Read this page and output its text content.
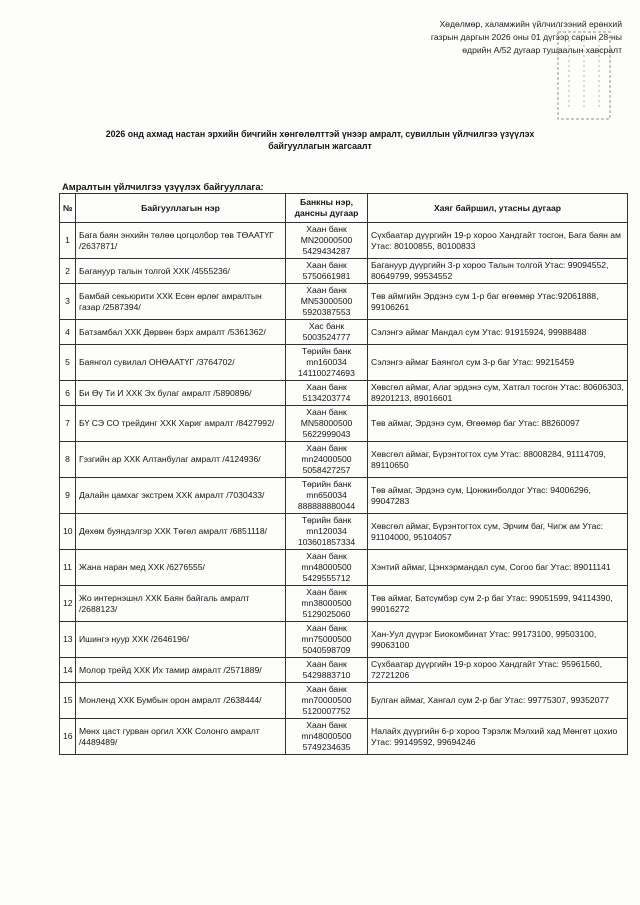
Хөдөлмөр, халамжийн үйлчилгээний ерөнхий
газрын даргын 2026 оны 01 дүгээр сарын 28-ны
өдрийн А/52 дугаар тушаалын хавсралт
2026 онд ахмад настан эрхийн бичгийн хөнгөлөлттэй үнээр амралт, сувиллын үйлчилгээ үзүүлэх
байгууллагын жагсаалт
Амралтын үйлчилгээ үзүүлэх байгууллага:
№	Байгууллагын нэр	Банкны нэр, дансны дугаар	Хаяг байршил, утасны дугаар
1	Бага баян энхийн төлөө цогцолбор төв ТӨААТҮГ /2637871/	Хаан банк
MN20000500
5429434287	Сүхбаатар дүүргийн 19-р хороо Хандгайт тосгон, Бага баян ам Утас: 80100855, 80100833
2	Багануур талын толгой ХХК /4555236/	Хаан банк
5750661981	Багануур дүүргийн 3-р хороо Талын толгой Утас: 99094552, 80649799, 99534552
3	Бамбай секьюрити ХХК Есөн өрлөг амралтын газар /2587394/	Хаан банк
MN53000500
5920387553	Төв аймгийн Эрдэнэ сум 1-р баг өгөөмөр Утас:92061888, 99106261
4	Батзамбал ХХК Дөрвөн бэрх амралт /5361362/	Хас банк
5003524777	Сэлэнгэ аймаг Мандал сум Утас: 91915924, 99988488
5	Баянгол сувилал ОНӨААТҮГ /3764702/	Төрийн банк
mn160034
141100274693	Сэлэнгэ аймаг Баянгол сум 3-р баг Утас: 99215459
6	Би Өү Ти И ХХК Эх булаг амралт /5890896/	Хаан банк
5134203774	Хөвсгөл аймаг, Алаг эрдэнэ сум, Хатгал тосгон Утас: 80606303, 89201213, 89016601
7	БҮ СЭ СО трейдинг ХХК Хариг амралт /8427992/	Хаан банк
MN58000500
5622999043	Төв аймаг, Эрдэнэ сум, Өгөөмөр баг Утас: 88260097
8	Гэзгийн ар ХХК Алтанбулаг амралт /4124936/	Хаан банк
mn24000500
5058427257	Хөвсгөл аймаг, Бүрэнтогтох сум Утас: 88008284, 91114709, 89110650
9	Далайн цамхаг экстрем ХХК амралт /7030433/	Төрийн банк
mn650034
888888880044	Төв аймаг, Эрдэнэ сум, Цонжинболдог Утас: 94006296, 99047283
10	Дөхөм буяндэлгэр ХХК Төгөл амралт /6851118/	Төрийн банк
mn120034
103601857334	Хөвсгөл аймаг, Бүрэнтогтох сум, Эрчим баг, Чигж ам Утас: 91104000, 95104057
11	Жана наран мед ХХК /6276555/	Хаан банк
mn48000500
5429555712	Хэнтий аймаг, Цэнхэрмандал сум, Согоо баг Утас: 89011141
12	Жо интернэшнл ХХК Баян байгаль амралт /2688123/	Хаан банк
mn38000500
5129025060	Төв аймаг, Батсүмбэр сум 2-р баг Утас: 99051599, 94114390, 99016272
13	Ишингэ нуур ХХК /2646196/	Хаан банк
mn75000500
5040598709	Хан-Уул дүүрэг Биокомбинат Утас: 99173100, 99503100, 99063100
14	Молор трейд ХХК Их тамир амралт /2571889/	Хаан банк
5429883710	Сүхбаатар дүүргийн 19-р хороо Хандгайт Утас: 95961560, 72721206
15	Монленд ХХК Бумбын орон амралт /2638444/	Хаан банк
mn70000500
5120007752	Булган аймаг, Хангал сум 2-р баг Утас: 99775307, 99352077
16	Мөнх цаст гурван оргил ХХК Солонго амралт /4489489/	Хаан банк
mn48000500
5749234635	Налайх дүүргийн 6-р хороо Тэрэлж Мэлхий хад Мөнгөт цохио Утас: 99149592, 99694246
